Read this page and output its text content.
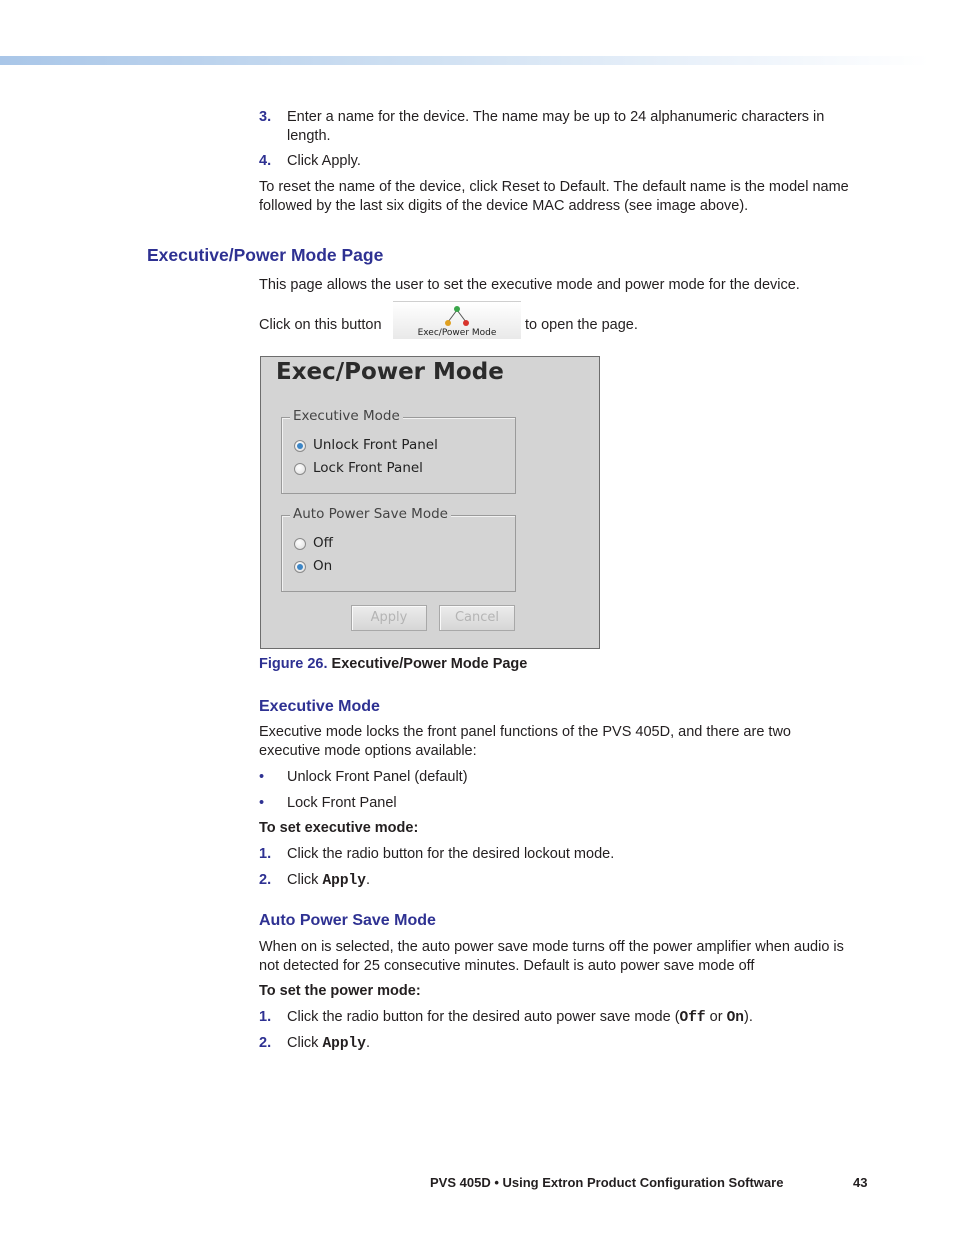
3. Enter a name for the device. The name may be up to 24 alphanumeric characters in length.
4. Click Apply.
To reset the name of the device, click Reset to Default. The default name is the model name followed by the last six digits of the device MAC address (see image above).
Executive/Power Mode Page
This page allows the user to set the executive mode and power mode for the device.
Click on this button	Exec/Power Mode	to open the page.
Exec/Power Mode
Executive Mode
Unlock Front Panel
Lock Front Panel
Auto Power Save Mode
Off
On
Apply	Cancel
Figure 26. Executive/Power Mode Page
Executive Mode
Executive mode locks the front panel functions of the PVS 405D, and there are two executive mode options available:
• Unlock Front Panel (default)
• Lock Front Panel
To set executive mode:
1. Click the radio button for the desired lockout mode.
2. Click Apply.
Auto Power Save Mode
When on is selected, the auto power save mode turns off the power amplifier when audio is not detected for 25 consecutive minutes. Default is auto power save mode off
To set the power mode:
1. Click the radio button for the desired auto power save mode (Off or On).
2. Click Apply.
PVS 405D • Using Extron Product Configuration Software	43
